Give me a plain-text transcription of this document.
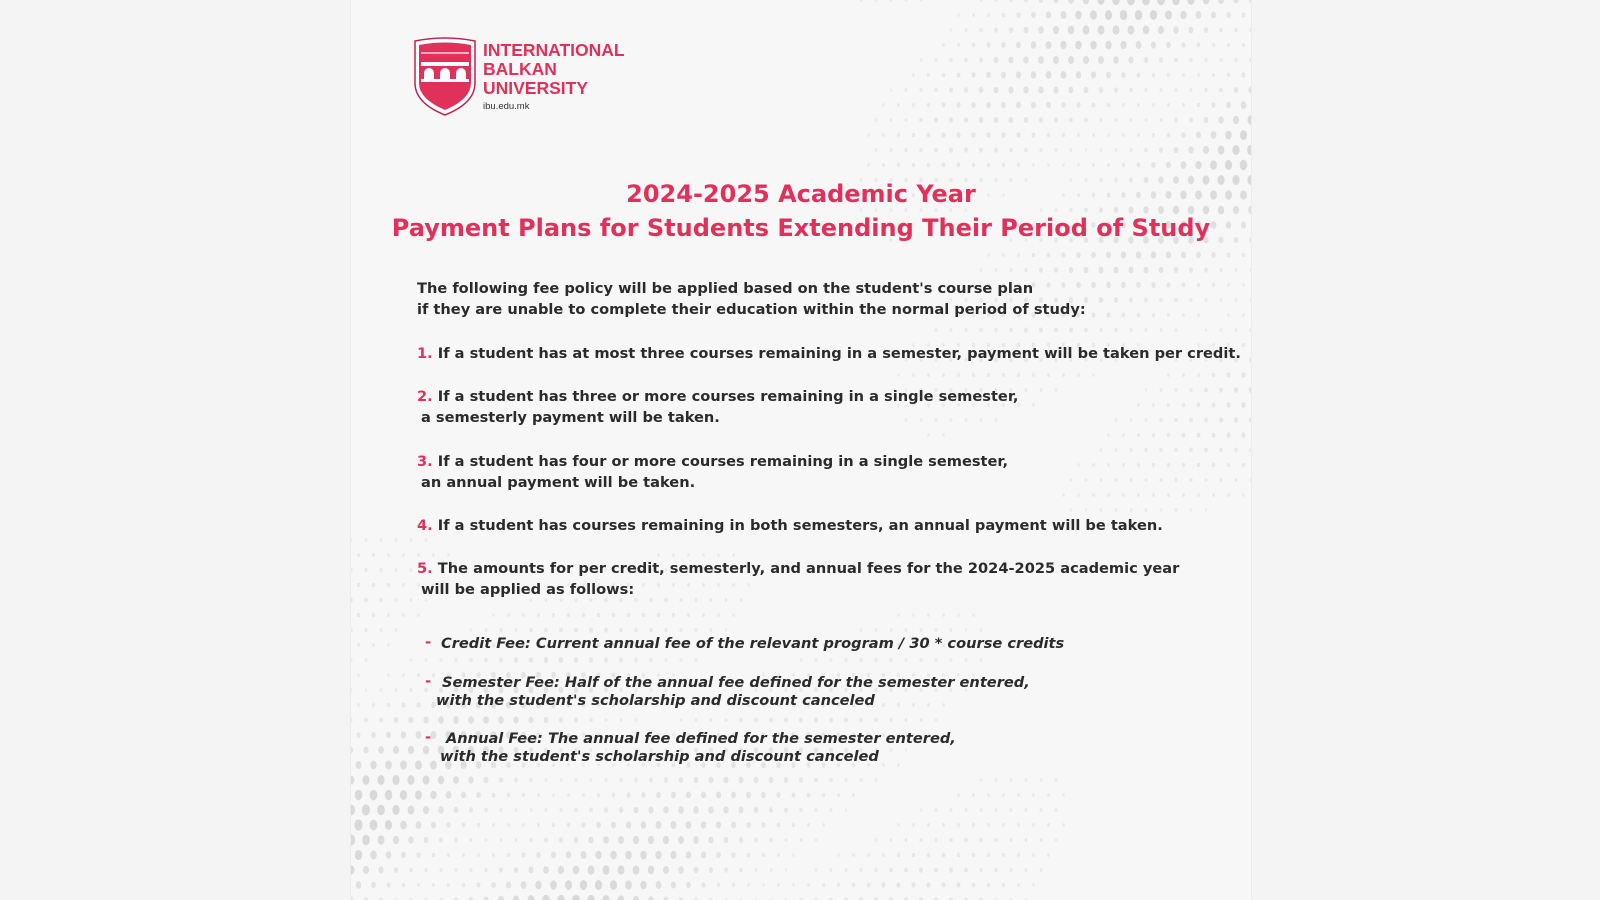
INTERNATIONAL
BALKAN
UNIVERSITY
ibu.edu.mk
2024-2025 Academic Year
Payment Plans for Students Extending Their Period of Study
The following fee policy will be applied based on the student's course plan
if they are unable to complete their education within the normal period of study:
1. If a student has at most three courses remaining in a semester, payment will be taken per credit.
2. If a student has three or more courses remaining in a single semester,
a semesterly payment will be taken.
3. If a student has four or more courses remaining in a single semester,
an annual payment will be taken.
4. If a student has courses remaining in both semesters, an annual payment will be taken.
5. The amounts for per credit, semesterly, and annual fees for the 2024-2025 academic year
will be applied as follows:
- Credit Fee: Current annual fee of the relevant program / 30 * course credits
- Semester Fee: Half of the annual fee defined for the semester entered,
with the student's scholarship and discount canceled
- Annual Fee: The annual fee defined for the semester entered,
with the student's scholarship and discount canceled
